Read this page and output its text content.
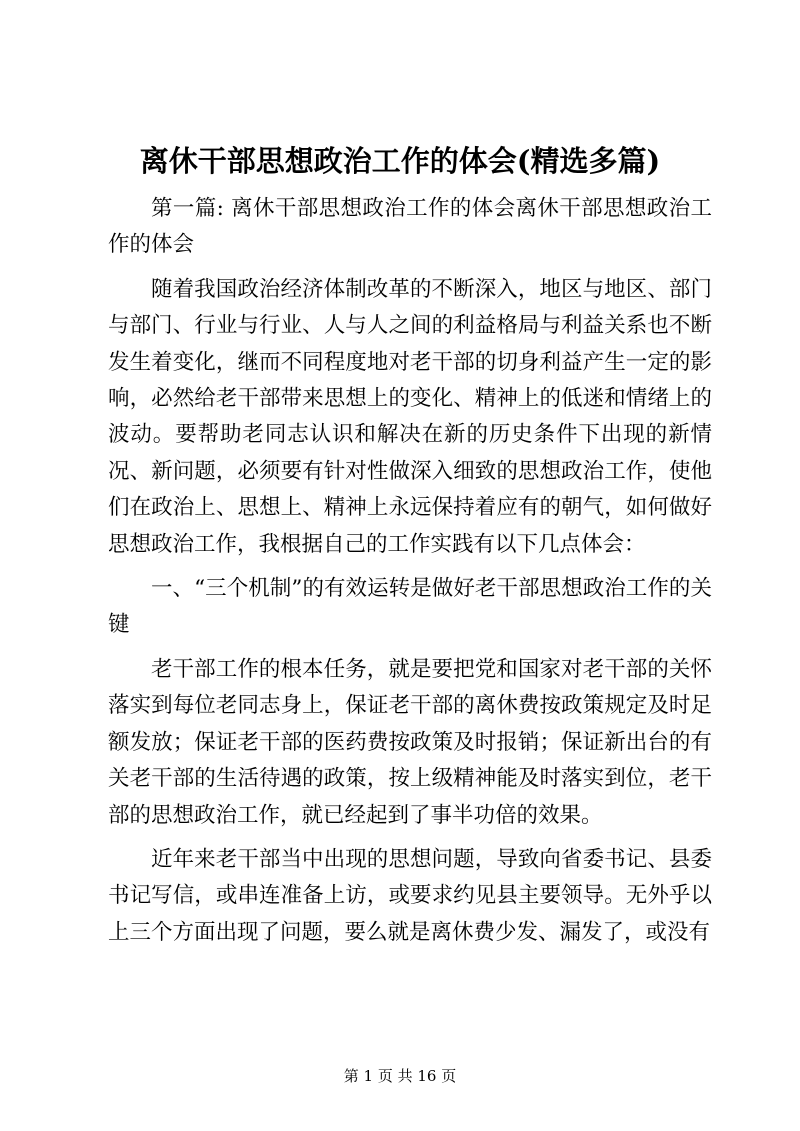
离休干部思想政治工作的体会(精选多篇)

第一篇: 离休干部思想政治工作的体会离休干部思想政治工作的体会

随着我国政治经济体制改革的不断深入，地区与地区、部门与部门、行业与行业、人与人之间的利益格局与利益关系也不断发生着变化，继而不同程度地对老干部的切身利益产生一定的影响，必然给老干部带来思想上的变化、精神上的低迷和情绪上的波动。要帮助老同志认识和解决在新的历史条件下出现的新情况、新问题，必须要有针对性做深入细致的思想政治工作，使他们在政治上、思想上、精神上永远保持着应有的朝气，如何做好思想政治工作，我根据自己的工作实践有以下几点体会：

一、“三个机制”的有效运转是做好老干部思想政治工作的关键

老干部工作的根本任务，就是要把党和国家对老干部的关怀落实到每位老同志身上，保证老干部的离休费按政策规定及时足额发放；保证老干部的医药费按政策及时报销；保证新出台的有关老干部的生活待遇的政策，按上级精神能及时落实到位，老干部的思想政治工作，就已经起到了事半功倍的效果。

近年来老干部当中出现的思想问题，导致向省委书记、县委书记写信，或串连准备上访，或要求约见县主要领导。无外乎以上三个方面出现了问题，要么就是离休费少发、漏发了，或没有

第 1 页 共 16 页
